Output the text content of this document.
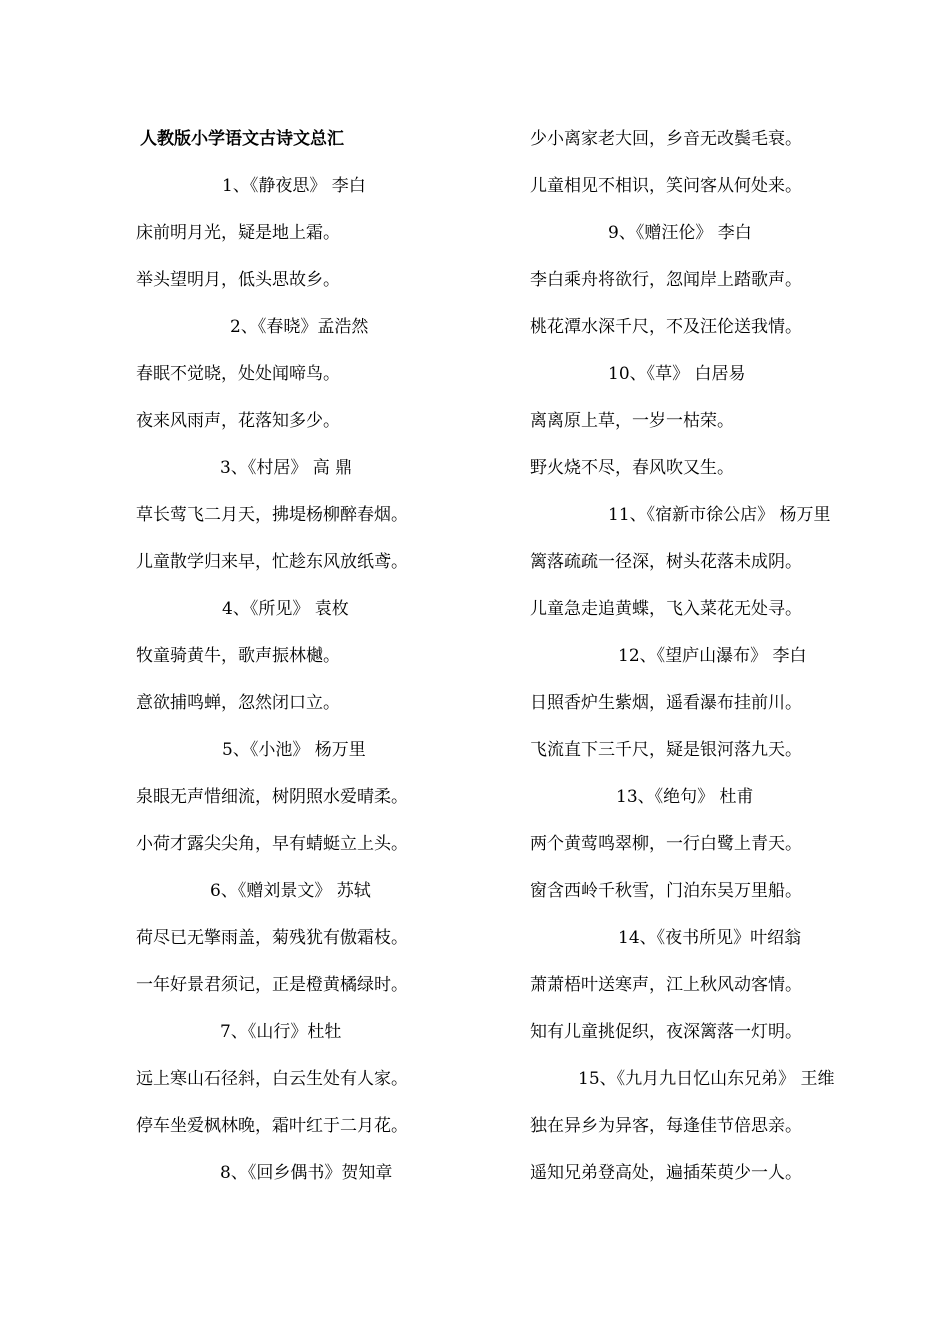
人教版小学语文古诗文总汇
1、《静夜思》 李白
床前明月光，疑是地上霜。
举头望明月，低头思故乡。
2、《春晓》孟浩然
春眠不觉晓，处处闻啼鸟。
夜来风雨声，花落知多少。
3、《村居》 高 鼎
草长莺飞二月天，拂堤杨柳醉春烟。
儿童散学归来早，忙趁东风放纸鸢。
4、《所见》 袁枚
牧童骑黄牛，歌声振林樾。
意欲捕鸣蝉，忽然闭口立。
5、《小池》 杨万里
泉眼无声惜细流，树阴照水爱晴柔。
小荷才露尖尖角，早有蜻蜓立上头。
6、《赠刘景文》 苏轼
荷尽已无擎雨盖，菊残犹有傲霜枝。
一年好景君须记，正是橙黄橘绿时。
7、《山行》杜牡
远上寒山石径斜，白云生处有人家。
停车坐爱枫林晚，霜叶红于二月花。
8、《回乡偶书》贺知章
少小离家老大回，乡音无改鬓毛衰。
儿童相见不相识，笑问客从何处来。
9、《赠汪伦》 李白
李白乘舟将欲行，忽闻岸上踏歌声。
桃花潭水深千尺，不及汪伦送我情。
10、《草》 白居易
离离原上草，一岁一枯荣。
野火烧不尽，春风吹又生。
11、《宿新市徐公店》 杨万里
篱落疏疏一径深，树头花落未成阴。
儿童急走追黄蝶，飞入菜花无处寻。
12、《望庐山瀑布》 李白
日照香炉生紫烟，遥看瀑布挂前川。
飞流直下三千尺，疑是银河落九天。
13、《绝句》 杜甫
两个黄莺鸣翠柳，一行白鹭上青天。
窗含西岭千秋雪，门泊东吴万里船。
14、《夜书所见》叶绍翁
萧萧梧叶送寒声，江上秋风动客情。
知有儿童挑促织，夜深篱落一灯明。
15、《九月九日忆山东兄弟》 王维
独在异乡为异客，每逢佳节倍思亲。
遥知兄弟登高处，遍插茱萸少一人。
